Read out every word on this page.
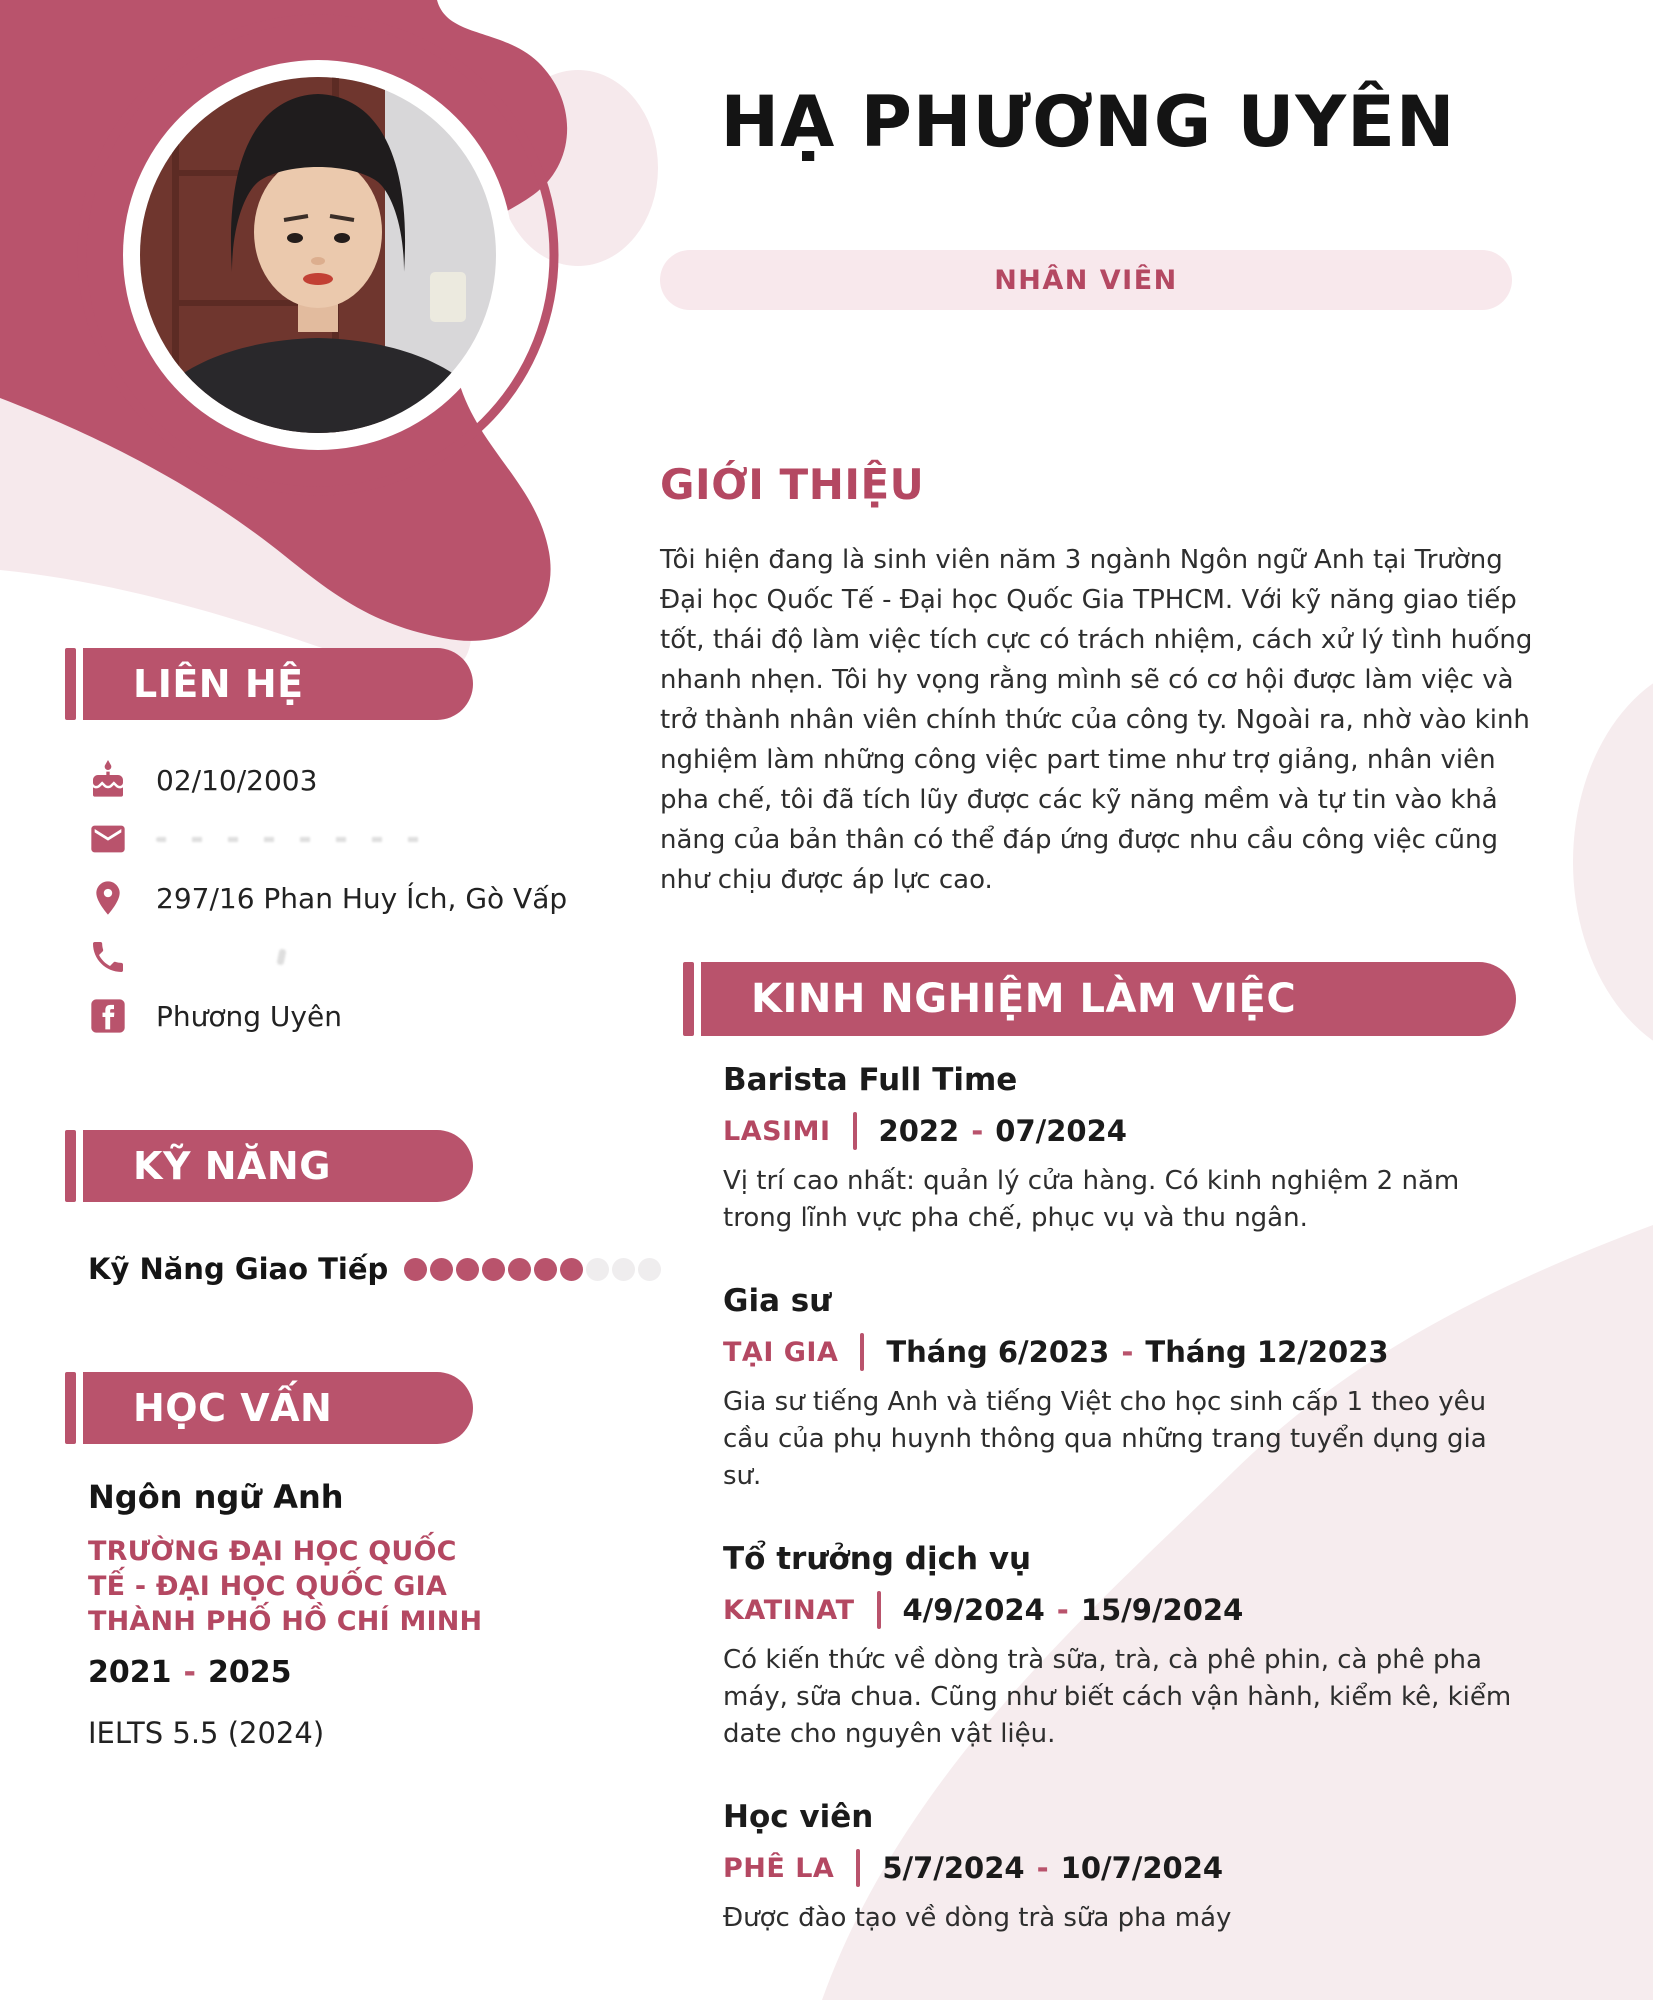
HẠ PHƯƠNG UYÊN
NHÂN VIÊN
GIỚI THIỆU
Tôi hiện đang là sinh viên năm 3 ngành Ngôn ngữ Anh tại Trường Đại học Quốc Tế - Đại học Quốc Gia TPHCM. Với kỹ năng giao tiếp tốt, thái độ làm việc tích cực có trách nhiệm, cách xử lý tình huống nhanh nhẹn. Tôi hy vọng rằng mình sẽ có cơ hội được làm việc và trở thành nhân viên chính thức của công ty. Ngoài ra, nhờ vào kinh nghiệm làm những công việc part time như trợ giảng, nhân viên pha chế, tôi đã tích lũy được các kỹ năng mềm và tự tin vào khả năng của bản thân có thể đáp ứng được nhu cầu công việc cũng như chịu được áp lực cao.
KINH NGHIỆM LÀM VIỆC
Barista Full Time
LASIMI 2022 - 07/2024
Vị trí cao nhất: quản lý cửa hàng. Có kinh nghiệm 2 năm trong lĩnh vực pha chế, phục vụ và thu ngân.
Gia sư
TẠI GIA Tháng 6/2023 - Tháng 12/2023
Gia sư tiếng Anh và tiếng Việt cho học sinh cấp 1 theo yêu cầu của phụ huynh thông qua những trang tuyển dụng gia sư.
Tổ trưởng dịch vụ
KATINAT 4/9/2024 - 15/9/2024
Có kiến thức về dòng trà sữa, trà, cà phê phin, cà phê pha máy, sữa chua. Cũng như biết cách vận hành, kiểm kê, kiểm date cho nguyên vật liệu.
Học viên
PHÊ LA 5/7/2024 - 10/7/2024
Được đào tạo về dòng trà sữa pha máy
LIÊN HỆ
02/10/2003
297/16 Phan Huy Ích, Gò Vấp
Phương Uyên
KỸ NĂNG
Kỹ Năng Giao Tiếp
HỌC VẤN
Ngôn ngữ Anh
TRƯỜNG ĐẠI HỌC QUỐC TẾ - ĐẠI HỌC QUỐC GIA THÀNH PHỐ HỒ CHÍ MINH
2021 - 2025
IELTS 5.5 (2024)
